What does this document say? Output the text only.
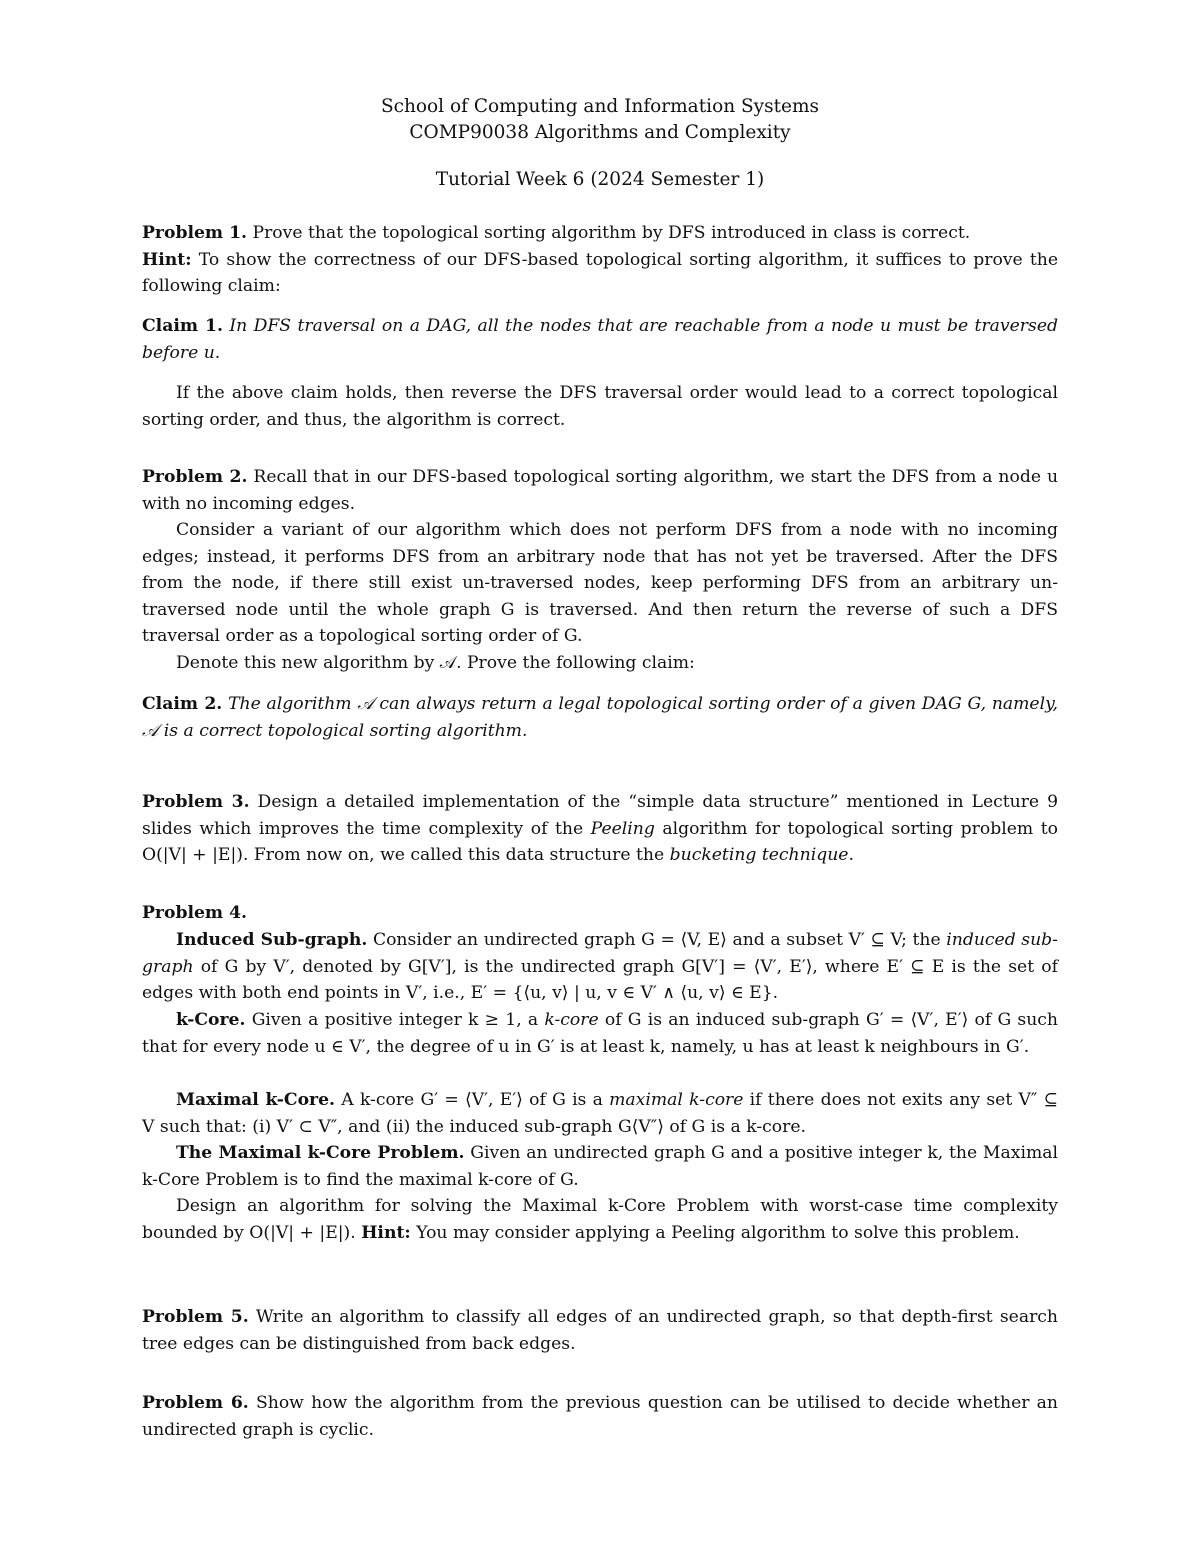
School of Computing and Information Systems
COMP90038 Algorithms and Complexity
Tutorial Week 6 (2024 Semester 1)
Problem 1. Prove that the topological sorting algorithm by DFS introduced in class is correct.
Hint: To show the correctness of our DFS-based topological sorting algorithm, it suffices to prove the following claim:
Claim 1. In DFS traversal on a DAG, all the nodes that are reachable from a node u must be traversed before u.
If the above claim holds, then reverse the DFS traversal order would lead to a correct topological sorting order, and thus, the algorithm is correct.
Problem 2. Recall that in our DFS-based topological sorting algorithm, we start the DFS from a node u with no incoming edges.
Consider a variant of our algorithm which does not perform DFS from a node with no incoming edges; instead, it performs DFS from an arbitrary node that has not yet be traversed. After the DFS from the node, if there still exist un-traversed nodes, keep performing DFS from an arbitrary un-traversed node until the whole graph G is traversed. And then return the reverse of such a DFS traversal order as a topological sorting order of G.
Denote this new algorithm by 𝒜. Prove the following claim:
Claim 2. The algorithm 𝒜 can always return a legal topological sorting order of a given DAG G, namely, 𝒜 is a correct topological sorting algorithm.
Problem 3. Design a detailed implementation of the “simple data structure” mentioned in Lecture 9 slides which improves the time complexity of the Peeling algorithm for topological sorting problem to O(|V| + |E|). From now on, we called this data structure the bucketing technique.
Problem 4.
Induced Sub-graph. Consider an undirected graph G = ⟨V, E⟩ and a subset V′ ⊆ V; the induced sub-graph of G by V′, denoted by G[V′], is the undirected graph G[V′] = ⟨V′, E′⟩, where E′ ⊆ E is the set of edges with both end points in V′, i.e., E′ = {⟨u, v⟩ | u, v ∈ V′ ∧ ⟨u, v⟩ ∈ E}.
k-Core. Given a positive integer k ≥ 1, a k-core of G is an induced sub-graph G′ = ⟨V′, E′⟩ of G such that for every node u ∈ V′, the degree of u in G′ is at least k, namely, u has at least k neighbours in G′.
Maximal k-Core. A k-core G′ = ⟨V′, E′⟩ of G is a maximal k-core if there does not exits any set V″ ⊆ V such that: (i) V′ ⊂ V″, and (ii) the induced sub-graph G⟨V″⟩ of G is a k-core.
The Maximal k-Core Problem. Given an undirected graph G and a positive integer k, the Maximal k-Core Problem is to find the maximal k-core of G.
Design an algorithm for solving the Maximal k-Core Problem with worst-case time complexity bounded by O(|V| + |E|). Hint: You may consider applying a Peeling algorithm to solve this problem.
Problem 5. Write an algorithm to classify all edges of an undirected graph, so that depth-first search tree edges can be distinguished from back edges.
Problem 6. Show how the algorithm from the previous question can be utilised to decide whether an undirected graph is cyclic.
